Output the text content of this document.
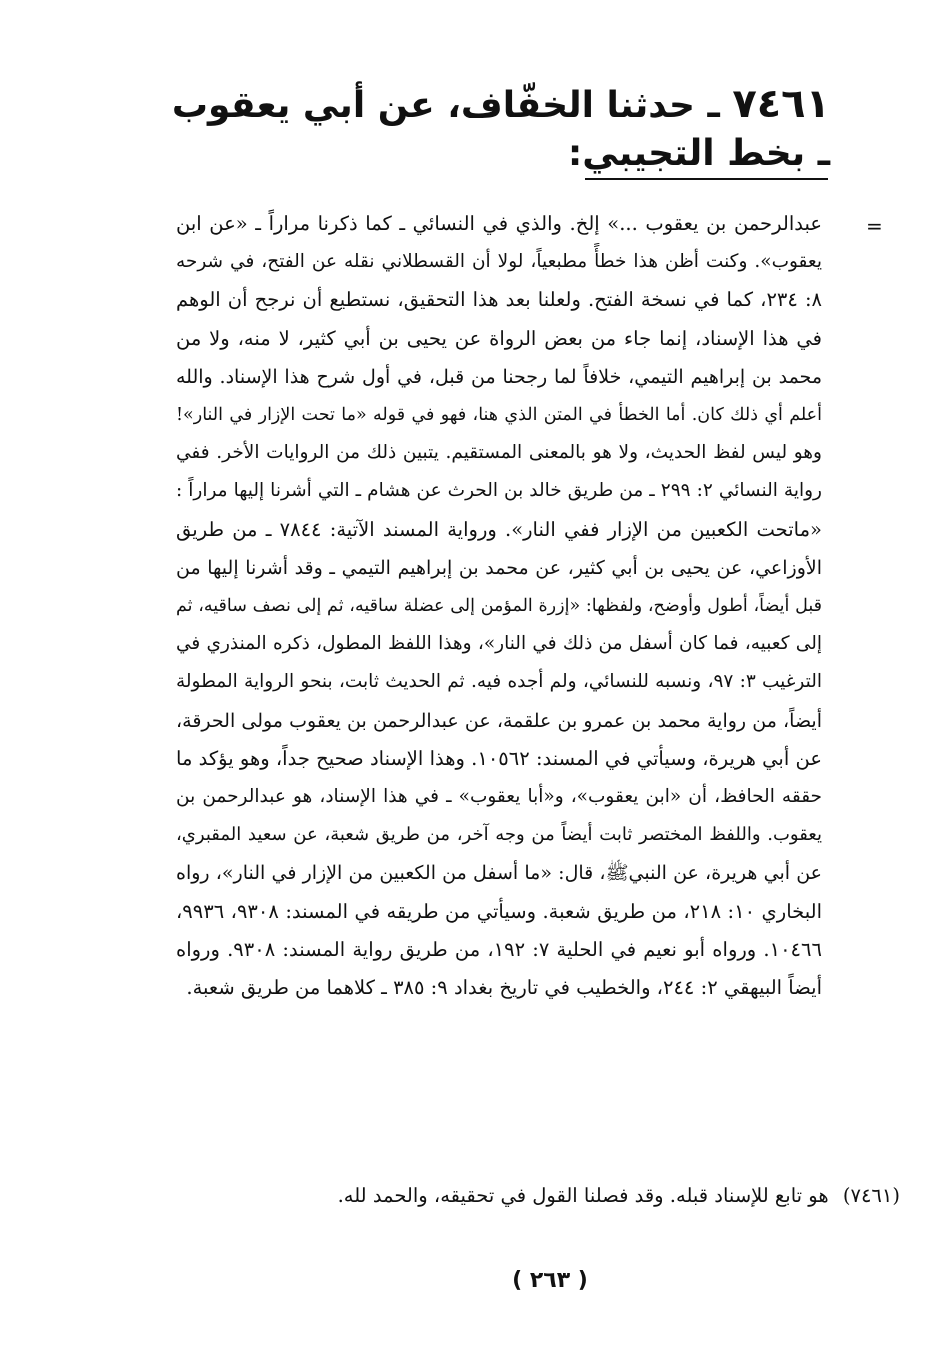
٧٤٦١ ـ حدثنا الخفّاف، عن أبي يعقوب ـ بخط التجيبي:
=
عبدالرحمن بن يعقوب ...» إلخ. والذي في النسائي ـ كما ذكرنا مراراً ـ «عن ابن
يعقوب». وكنت أظن هذا خطأً مطبعياً، لولا أن القسطلاني نقله عن الفتح، في شرحه
٨: ٢٣٤، كما في نسخة الفتح. ولعلنا بعد هذا التحقيق، نستطيع أن نرجح أن الوهم
في هذا الإسناد، إنما جاء من بعض الرواة عن يحيى بن أبي كثير، لا منه، ولا من
محمد بن إبراهيم التيمي، خلافاً لما رجحنا من قبل، في أول شرح هذا الإسناد. والله
أعلم أي ذلك كان. أما الخطأ في المتن الذي هنا، فهو في قوله «ما تحت الإزار في النار»!
وهو ليس لفظ الحديث، ولا هو بالمعنى المستقيم. يتبين ذلك من الروايات الأخر. ففي
رواية النسائي ٢: ٢٩٩ ـ من طريق خالد بن الحرث عن هشام ـ التي أشرنا إليها مراراً :
«ماتحت الكعبين من الإزار ففي النار». ورواية المسند الآتية: ٧٨٤٤ ـ من طريق
الأوزاعي، عن يحيى بن أبي كثير، عن محمد بن إبراهيم التيمي ـ وقد أشرنا إليها من
قبل أيضاً، أطول وأوضح، ولفظها: «إزرة المؤمن إلى عضلة ساقيه، ثم إلى نصف ساقيه، ثم
إلى كعبيه، فما كان أسفل من ذلك في النار»، وهذا اللفظ المطول، ذكره المنذري في
الترغيب ٣: ٩٧، ونسبه للنسائي، ولم أجده فيه. ثم الحديث ثابت، بنحو الرواية المطولة
أيضاً، من رواية محمد بن عمرو بن علقمة، عن عبدالرحمن بن يعقوب مولى الحرقة،
عن أبي هريرة، وسيأتي في المسند: ١٠٥٦٢. وهذا الإسناد صحيح جداً، وهو يؤكد ما
حققه الحافظ، أن «ابن يعقوب»، و«أبا يعقوب» ـ في هذا الإسناد، هو عبدالرحمن بن
يعقوب. واللفظ المختصر ثابت أيضاً من وجه آخر، من طريق شعبة، عن سعيد المقبري،
عن أبي هريرة، عن النبيﷺ، قال: «ما أسفل من الكعبين من الإزار في النار»، رواه
البخاري ١٠: ٢١٨، من طريق شعبة. وسيأتي من طريقه في المسند: ٩٣٠٨، ٩٩٣٦،
١٠٤٦٦. ورواه أبو نعيم في الحلية ٧: ١٩٢، من طريق رواية المسند: ٩٣٠٨. ورواه
أيضاً البيهقي ٢: ٢٤٤، والخطيب في تاريخ بغداد ٩: ٣٨٥ ـ كلاهما من طريق شعبة.
(٧٤٦١) هو تابع للإسناد قبله. وقد فصلنا القول في تحقيقه، والحمد لله.
( ٢٦٣ )
